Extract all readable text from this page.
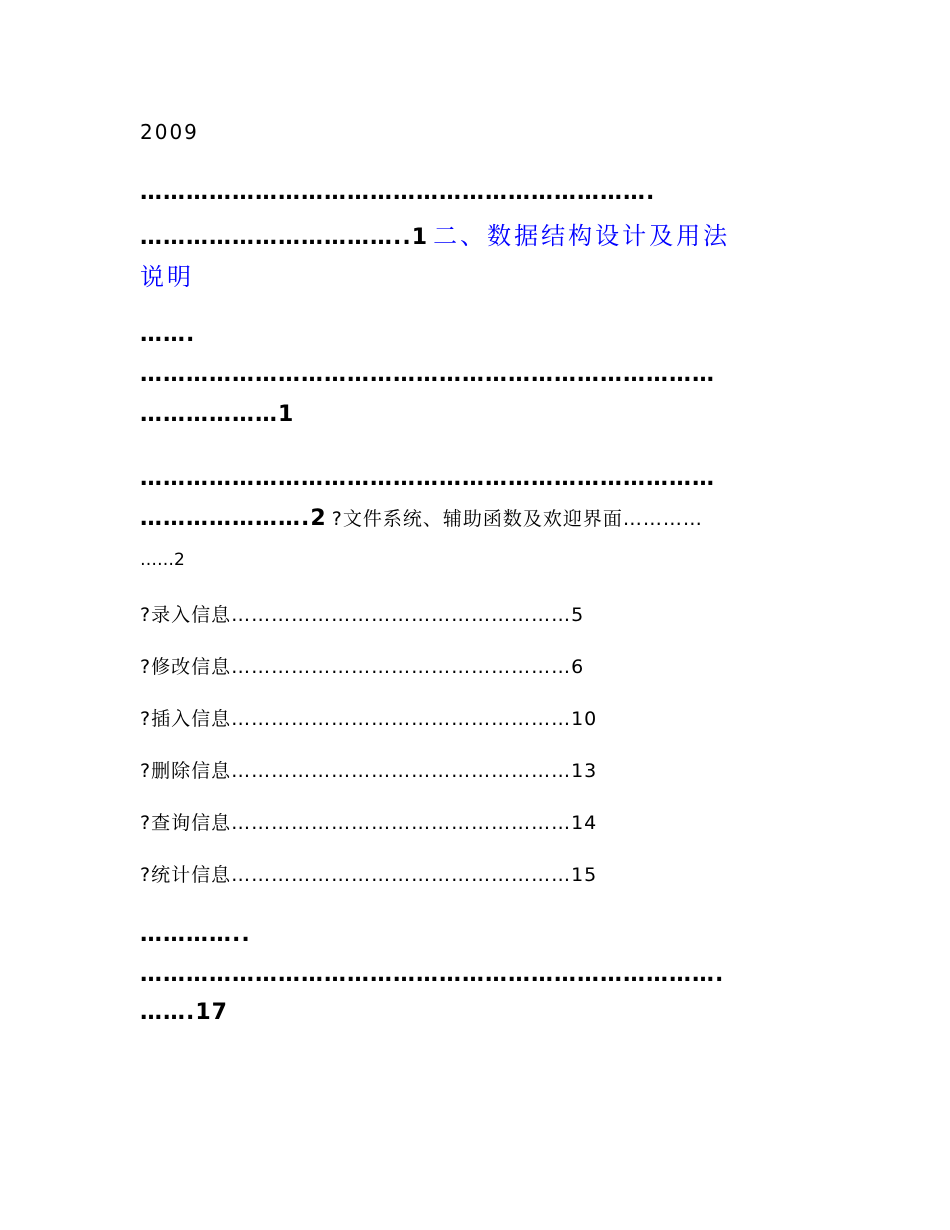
2009
………………………………………………………….
……………………………..1 二、数据结构设计及用法
说明
…….
…………………………………………………………………
………………1
…………………………………………………………………
………………….2 ?文件系统、辅助函数及欢迎界面…………
……2
?录入信息……………………………………………5
?修改信息……………………………………………6
?插入信息……………………………………………10
?删除信息……………………………………………13
?查询信息……………………………………………14
?统计信息……………………………………………15
…………..
………………………………………………………………….
…….17
